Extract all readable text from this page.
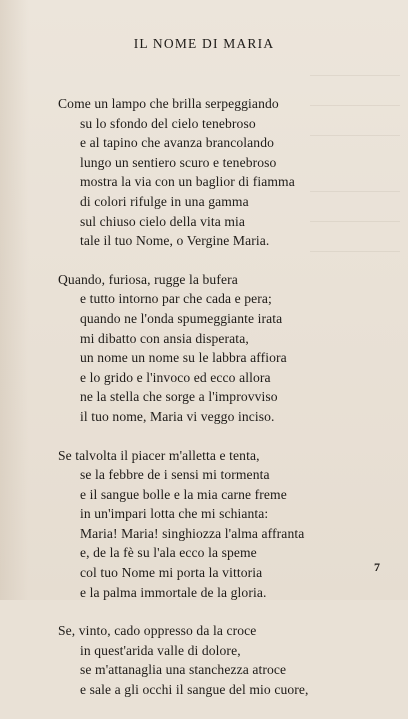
IL NOME DI MARIA
Come un lampo che brilla serpeggiando
su lo sfondo del cielo tenebroso
e al tapino che avanza brancolando
lungo un sentiero scuro e tenebroso
mostra la via con un baglior di fiamma
di colori rifulge in una gamma
sul chiuso cielo della vita mia
tale il tuo Nome, o Vergine Maria.
Quando, furiosa, rugge la bufera
e tutto intorno par che cada e pera;
quando ne l'onda spumeggiante irata
mi dibatto con ansia disperata,
un nome un nome su le labbra affiora
e lo grido e l'invoco ed ecco allora
ne la stella che sorge a l'improvviso
il tuo nome, Maria vi veggo inciso.
Se talvolta il piacer m'alletta e tenta,
se la febbre de i sensi mi tormenta
e il sangue bolle e la mia carne freme
in un'impari lotta che mi schianta:
Maria! Maria! singhiozza l'alma affranta
e, de la fè su l'ala ecco la speme
col tuo Nome mi porta la vittoria
e la palma immortale de la gloria.
Se, vinto, cado oppresso da la croce
in quest'arida valle di dolore,
se m'attanaglia una stanchezza atroce
e sale a gli occhi il sangue del mio cuore,
7
